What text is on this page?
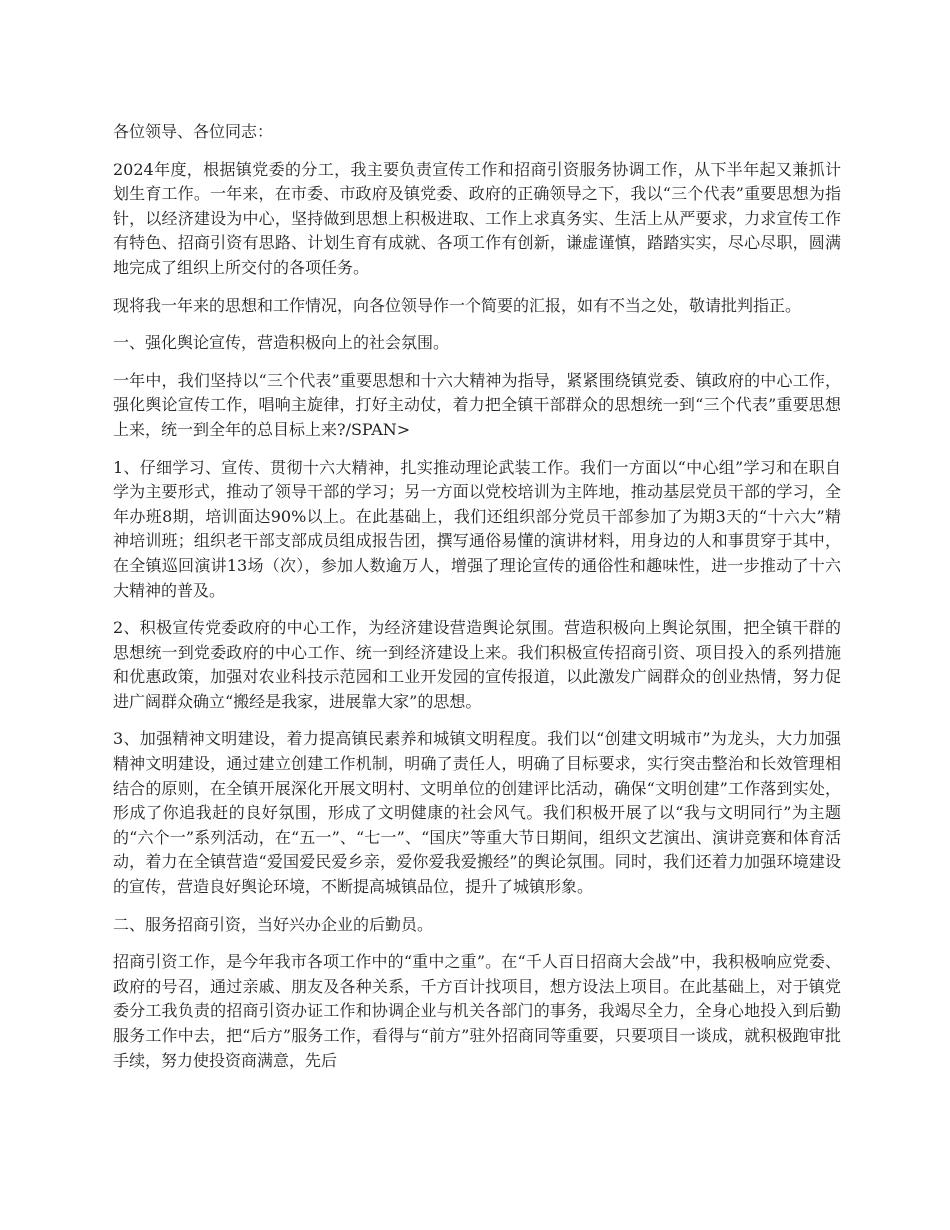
各位领导、各位同志：

2024年度，根据镇党委的分工，我主要负责宣传工作和招商引资服务协调工作，从下半年起又兼抓计划生育工作。一年来，在市委、市政府及镇党委、政府的正确领导之下，我以“三个代表”重要思想为指针，以经济建设为中心，坚持做到思想上积极进取、工作上求真务实、生活上从严要求，力求宣传工作有特色、招商引资有思路、计划生育有成就、各项工作有创新，谦虚谨慎，踏踏实实，尽心尽职，圆满地完成了组织上所交付的各项任务。

现将我一年来的思想和工作情况，向各位领导作一个简要的汇报，如有不当之处，敬请批判指正。

一、强化舆论宣传，营造积极向上的社会氛围。

一年中，我们坚持以“三个代表”重要思想和十六大精神为指导，紧紧围绕镇党委、镇政府的中心工作，强化舆论宣传工作，唱响主旋律，打好主动仗，着力把全镇干部群众的思想统一到“三个代表”重要思想上来，统一到全年的总目标上来?/SPAN>

1、仔细学习、宣传、贯彻十六大精神，扎实推动理论武装工作。我们一方面以“中心组”学习和在职自学为主要形式，推动了领导干部的学习；另一方面以党校培训为主阵地，推动基层党员干部的学习，全年办班8期，培训面达90%以上。在此基础上，我们还组织部分党员干部参加了为期3天的“十六大”精神培训班；组织老干部支部成员组成报告团，撰写通俗易懂的演讲材料，用身边的人和事贯穿于其中，在全镇巡回演讲13场（次），参加人数逾万人，增强了理论宣传的通俗性和趣味性，进一步推动了十六大精神的普及。

2、积极宣传党委政府的中心工作，为经济建设营造舆论氛围。营造积极向上舆论氛围，把全镇干群的思想统一到党委政府的中心工作、统一到经济建设上来。我们积极宣传招商引资、项目投入的系列措施和优惠政策，加强对农业科技示范园和工业开发园的宣传报道，以此激发广阔群众的创业热情，努力促进广阔群众确立“搬经是我家，进展靠大家”的思想。

3、加强精神文明建设，着力提高镇民素养和城镇文明程度。我们以“创建文明城市”为龙头，大力加强精神文明建设，通过建立创建工作机制，明确了责任人，明确了目标要求，实行突击整治和长效管理相结合的原则，在全镇开展深化开展文明村、文明单位的创建评比活动，确保“文明创建”工作落到实处，形成了你追我赶的良好氛围，形成了文明健康的社会风气。我们积极开展了以“我与文明同行”为主题的“六个一”系列活动，在“五一”、“七一”、“国庆”等重大节日期间，组织文艺演出、演讲竞赛和体育活动，着力在全镇营造“爱国爱民爱乡亲，爱你爱我爱搬经”的舆论氛围。同时，我们还着力加强环境建设的宣传，营造良好舆论环境，不断提高城镇品位，提升了城镇形象。

二、服务招商引资，当好兴办企业的后勤员。

招商引资工作，是今年我市各项工作中的“重中之重”。在“千人百日招商大会战”中，我积极响应党委、政府的号召，通过亲戚、朋友及各种关系，千方百计找项目，想方设法上项目。在此基础上，对于镇党委分工我负责的招商引资办证工作和协调企业与机关各部门的事务，我竭尽全力，全身心地投入到后勤服务工作中去，把“后方”服务工作，看得与“前方”驻外招商同等重要，只要项目一谈成，就积极跑审批手续，努力使投资商满意，先后
